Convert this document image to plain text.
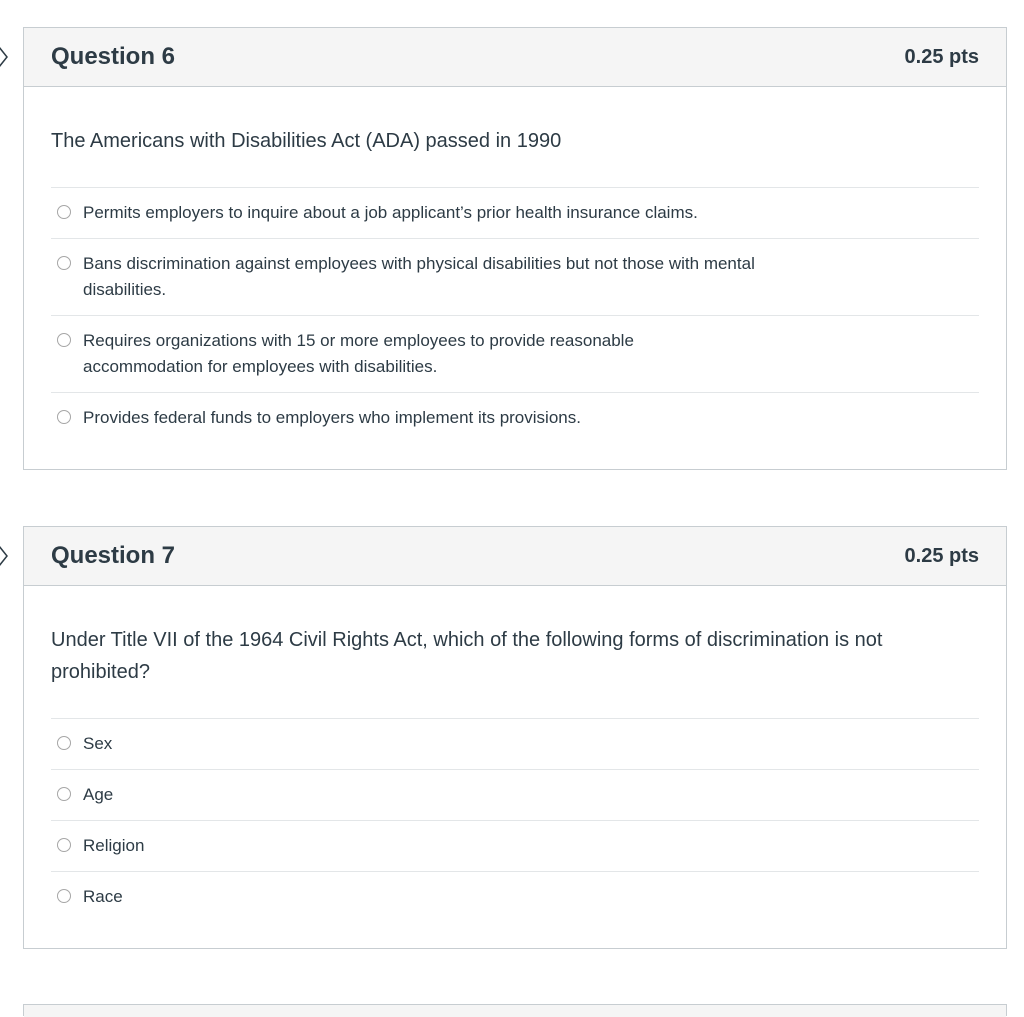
Question 6	0.25 pts
The Americans with Disabilities Act (ADA) passed in 1990
Permits employers to inquire about a job applicant’s prior health insurance claims.
Bans discrimination against employees with physical disabilities but not those with mental disabilities.
Requires organizations with 15 or more employees to provide reasonable accommodation for employees with disabilities.
Provides federal funds to employers who implement its provisions.
Question 7	0.25 pts
Under Title VII of the 1964 Civil Rights Act, which of the following forms of discrimination is not prohibited?
Sex
Age
Religion
Race
